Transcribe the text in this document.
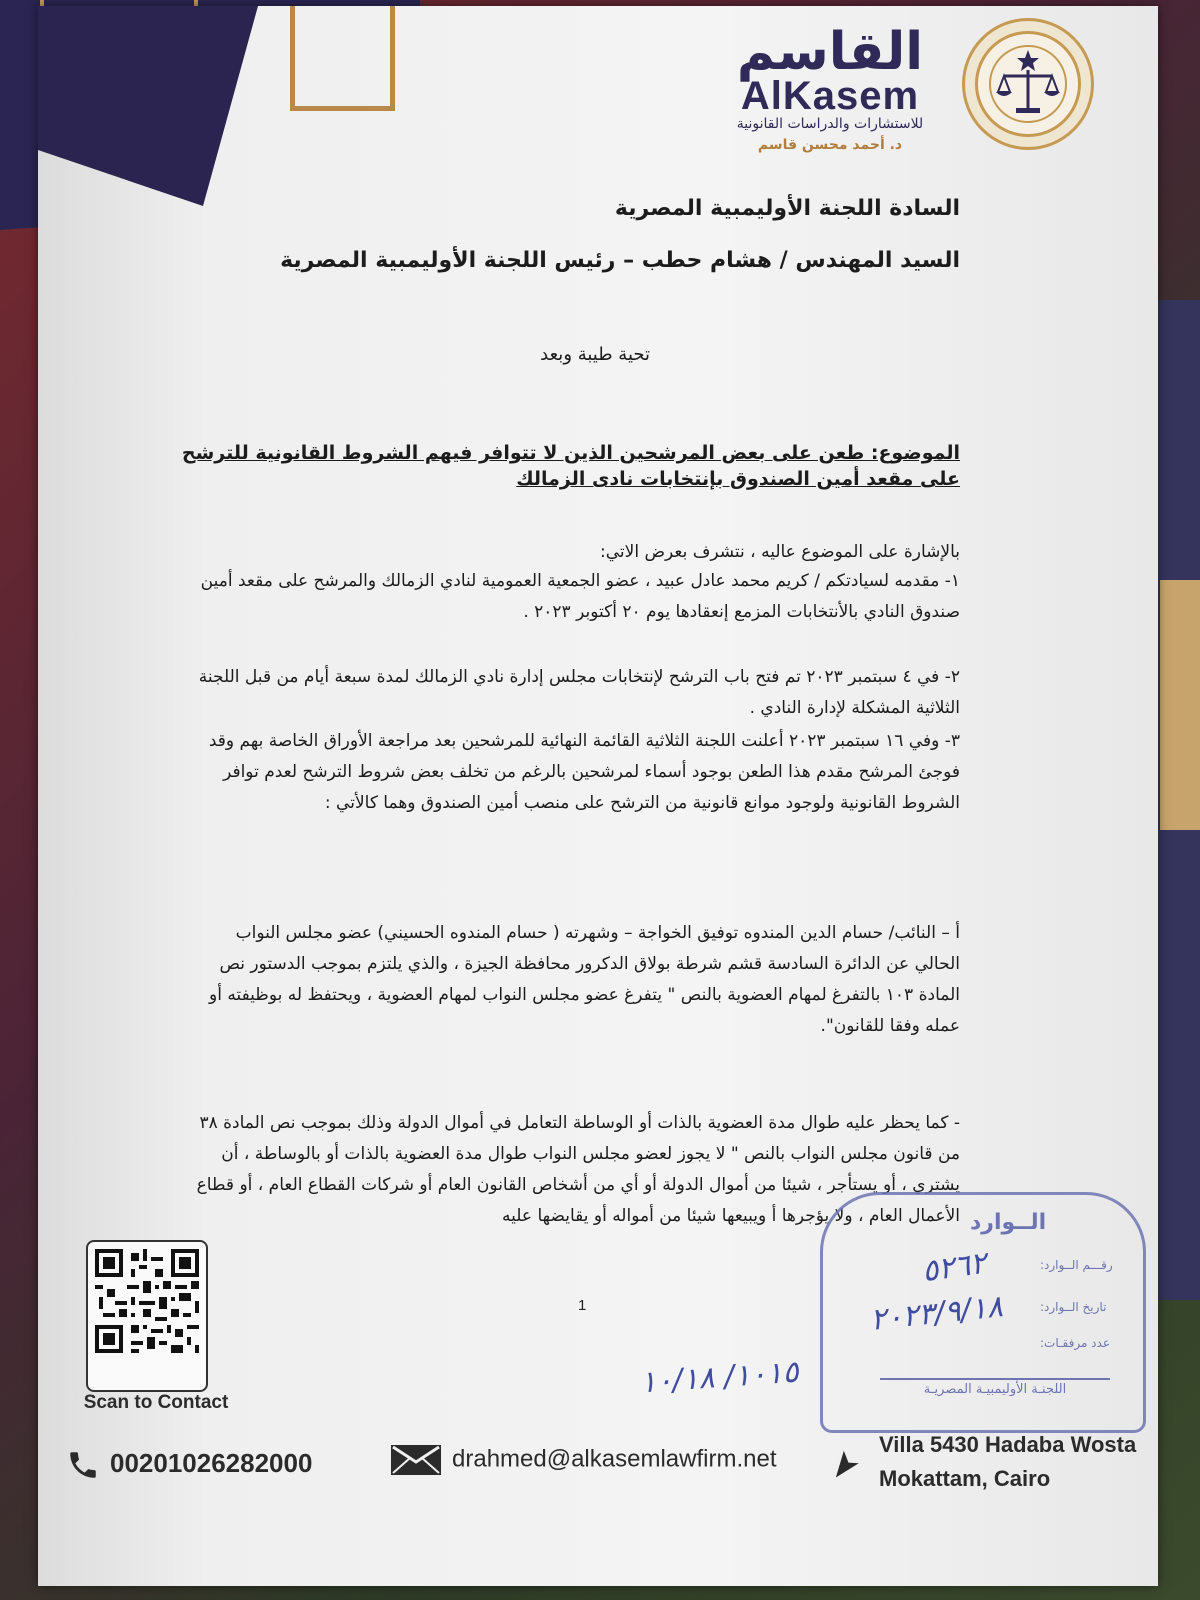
القاسم
AlKasem
للاستشارات والدراسات القانونية
د. أحمد محسن قاسم
السادة اللجنة الأوليمبية المصرية
السيد المهندس / هشام حطب – رئيس اللجنة الأوليمبية المصرية
تحية طيبة وبعد
الموضوع: طعن على بعض المرشحين الذين لا تتوافر فيهم الشروط القانونية للترشح على مقعد أمين الصندوق بإنتخابات نادى الزمالك
بالإشارة على الموضوع عاليه ، نتشرف بعرض الاتي:
١- مقدمه لسيادتكم / كريم محمد عادل عبيد ، عضو الجمعية العمومية لنادي الزمالك والمرشح على مقعد أمين صندوق النادي بالأنتخابات المزمع إنعقادها يوم ٢٠ أكتوبر ٢٠٢٣ .
٢- في ٤ سبتمبر ٢٠٢٣ تم فتح باب الترشح لإنتخابات مجلس إدارة نادي الزمالك لمدة سبعة أيام من قبل اللجنة الثلاثية المشكلة لإدارة النادي .
٣- وفي ١٦ سبتمبر ٢٠٢٣ أعلنت اللجنة الثلاثية القائمة النهائية للمرشحين بعد مراجعة الأوراق الخاصة بهم وقد فوجئ المرشح مقدم هذا الطعن بوجود أسماء لمرشحين بالرغم من تخلف بعض شروط الترشح لعدم توافر الشروط القانونية ولوجود موانع قانونية من الترشح على منصب أمين الصندوق وهما كالأتي :
أ – النائب/ حسام الدين المندوه توفيق الخواجة – وشهرته ( حسام المندوه الحسيني) عضو مجلس النواب الحالي عن الدائرة السادسة قشم شرطة بولاق الدكرور محافظة الجيزة ، والذي يلتزم بموجب الدستور نص المادة ١٠٣ بالتفرغ لمهام العضوية بالنص " يتفرغ عضو مجلس النواب لمهام العضوية ، ويحتفظ له بوظيفته أو عمله وفقا للقانون".
- كما يحظر عليه طوال مدة العضوية بالذات أو الوساطة التعامل في أموال الدولة وذلك بموجب نص المادة ٣٨ من قانون مجلس النواب بالنص " لا يجوز لعضو مجلس النواب طوال مدة العضوية بالذات أو بالوساطة ، أن يشتري ، أو يستأجر ، شيئا من أموال الدولة أو أي من أشخاص القانون العام أو شركات القطاع العام ، أو قطاع الأعمال العام ، ولا يؤجرها أ ويبيعها شيئا من أمواله أو يقايضها عليه
1
Scan to Contact
الــوارد
رقـــم الــوارد:
تاريخ الــوارد:
عدد مرفقـات:
اللجنـة الأوليمبيـة المصريـة
٥٢٦٢
٢٠٢٣/٩/١٨
١٠١٥/ ١٠/١٨
00201026282000	drahmed@alkasemlawfirm.net
Villa 5430 Hadaba Wosta
Mokattam, Cairo
